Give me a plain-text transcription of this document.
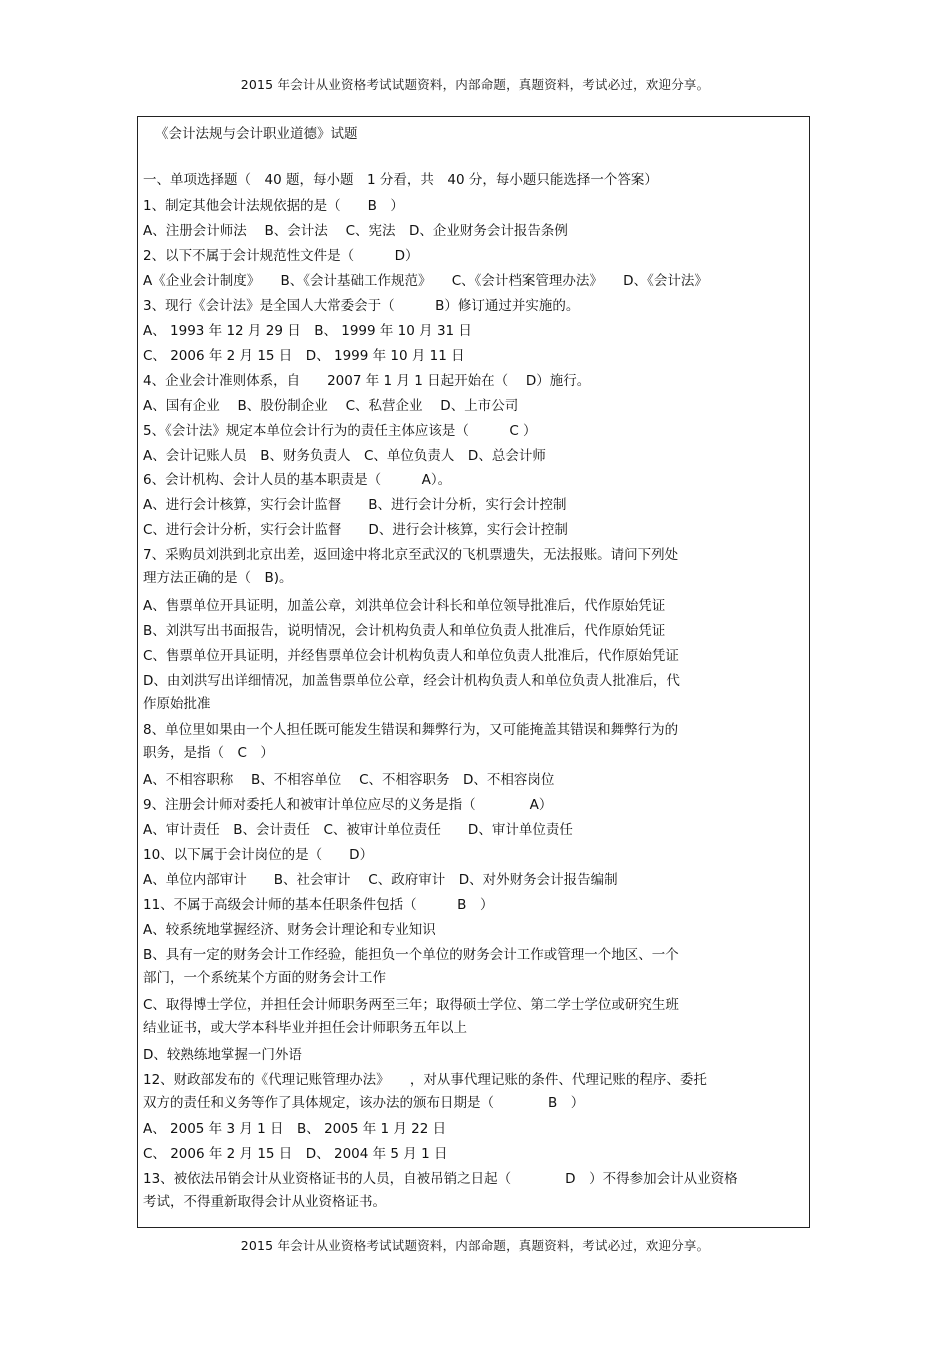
2015 年会计从业资格考试试题资料，内部命题，真题资料，考试必过，欢迎分享。
《会计法规与会计职业道德》试题
一、单项选择题（　40 题，每小题　1 分看，共　40 分，每小题只能选择一个答案）
1、制定其他会计法规依据的是（　　B　）
A、注册会计师法　 B、会计法　 C、宪法　D、企业财务会计报告条例
2、以下不属于会计规范性文件是（　　　D）
A《企业会计制度》　　B、《会计基础工作规范》　　C、《会计档案管理办法》　　D、《会计法》
3、现行《会计法》是全国人大常委会于（　　　B）修订通过并实施的。
A、 1993 年 12 月 29 日　B、 1999 年 10 月 31 日
C、 2006 年 2 月 15 日　D、 1999 年 10 月 11 日
4、企业会计准则体系，自　　2007 年 1 月 1 日起开始在（　 D）施行。
A、国有企业　 B、股份制企业　 C、私营企业　 D、上市公司
5、《会计法》规定本单位会计行为的责任主体应该是（　　　C ）
A、会计记账人员　B、财务负责人　C、单位负责人　D、总会计师
6、会计机构、会计人员的基本职责是（　　　A）。
A、进行会计核算，实行会计监督　　B、进行会计分析，实行会计控制
C、进行会计分析，实行会计监督　　D、进行会计核算，实行会计控制
7、采购员刘洪到北京出差，返回途中将北京至武汉的飞机票遗失，无法报账。请问下列处
理方法正确的是（　B)。
A、售票单位开具证明，加盖公章，刘洪单位会计科长和单位领导批准后，代作原始凭证
B、刘洪写出书面报告，说明情况，会计机构负责人和单位负责人批准后，代作原始凭证
C、售票单位开具证明，并经售票单位会计机构负责人和单位负责人批准后，代作原始凭证
D、由刘洪写出详细情况，加盖售票单位公章，经会计机构负责人和单位负责人批准后，代
作原始批准
8、单位里如果由一个人担任既可能发生错误和舞弊行为，又可能掩盖其错误和舞弊行为的
职务，是指（　C　）
A、不相容职称　 B、不相容单位　 C、不相容职务　D、不相容岗位
9、注册会计师对委托人和被审计单位应尽的义务是指（　　　　A）
A、审计责任　B、会计责任　C、被审计单位责任　　D、审计单位责任
10、以下属于会计岗位的是（　　D）
A、单位内部审计　　B、社会审计　 C、政府审计　D、对外财务会计报告编制
11、不属于高级会计师的基本任职条件包括（　　　B　）
A、较系统地掌握经济、财务会计理论和专业知识
B、具有一定的财务会计工作经验，能担负一个单位的财务会计工作或管理一个地区、一个
部门，一个系统某个方面的财务会计工作
C、取得博士学位，并担任会计师职务两至三年；取得硕士学位、第二学士学位或研究生班
结业证书，或大学本科毕业并担任会计师职务五年以上
D、较熟练地掌握一门外语
12、财政部发布的《代理记账管理办法》　　，对从事代理记账的条件、代理记账的程序、委托
双方的责任和义务等作了具体规定，该办法的颁布日期是（　　　　B　）
A、 2005 年 3 月 1 日　B、 2005 年 1 月 22 日
C、 2006 年 2 月 15 日　D、 2004 年 5 月 1 日
13、被依法吊销会计从业资格证书的人员，自被吊销之日起（　　　　D　）不得参加会计从业资格
考试，不得重新取得会计从业资格证书。
2015 年会计从业资格考试试题资料，内部命题，真题资料，考试必过，欢迎分享。
